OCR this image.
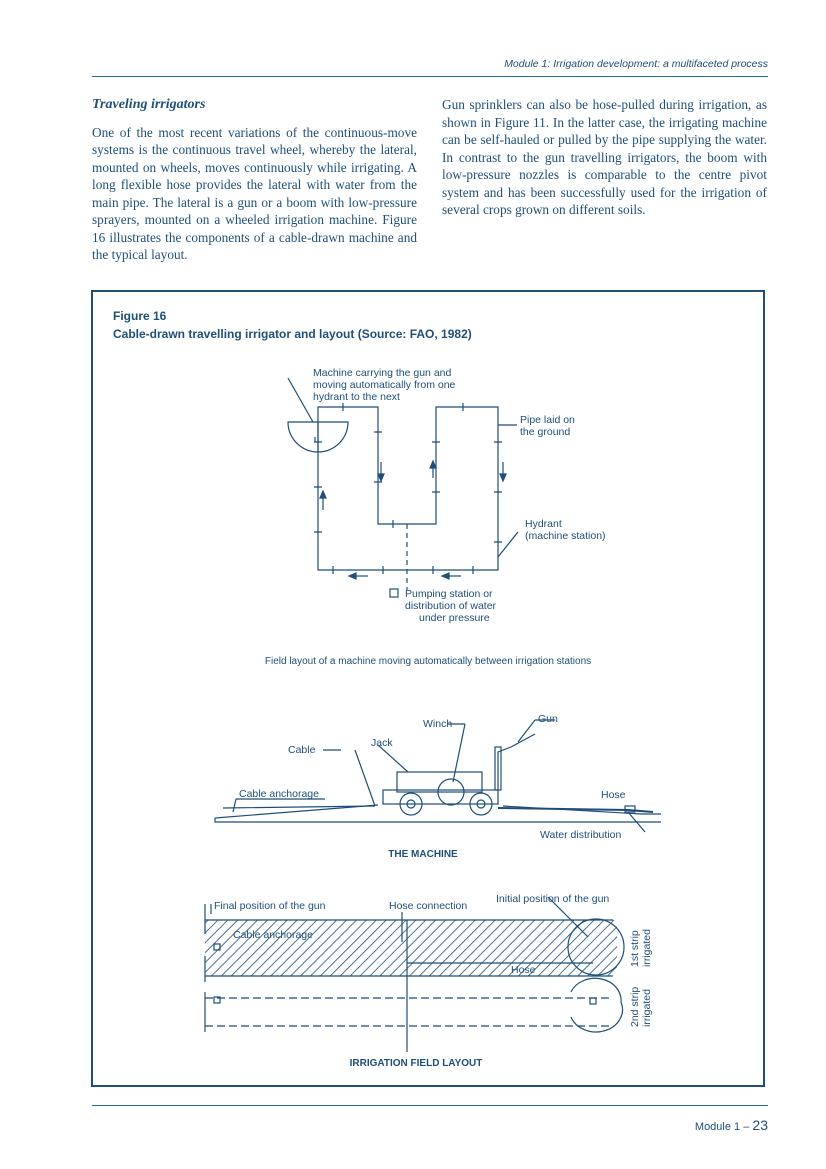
Module 1: Irrigation development: a multifaceted process
Traveling irrigators

One of the most recent variations of the continuous-move systems is the continuous travel wheel, whereby the lateral, mounted on wheels, moves continuously while irrigating. A long flexible hose provides the lateral with water from the main pipe. The lateral is a gun or a boom with low-pressure sprayers, mounted on a wheeled irrigation machine. Figure 16 illustrates the components of a cable-drawn machine and the typical layout.

Gun sprinklers can also be hose-pulled during irrigation, as shown in Figure 11. In the latter case, the irrigating machine can be self-hauled or pulled by the pipe supplying the water. In contrast to the gun travelling irrigators, the boom with low-pressure nozzles is comparable to the centre pivot system and has been successfully used for the irrigation of several crops grown on different soils.

Figure 16
Cable-drawn travelling irrigator and layout (Source: FAO, 1982)
Machine carrying the gun and
moving automatically from one
hydrant to the next
Pipe laid on
the ground
Hydrant
(machine station)
Pumping station or
distribution of water
under pressure
Field layout of a machine moving automatically between irrigation stations
Winch	Gun
Jack
Cable
Cable anchorage	Hose
Water distribution
THE MACHINE
Final position of the gun	Hose connection
Initial position of the gun
Cable anchorage
Hose
1st strip irrigated
2nd strip irrigated
IRRIGATION FIELD LAYOUT
Module 1 – 23
